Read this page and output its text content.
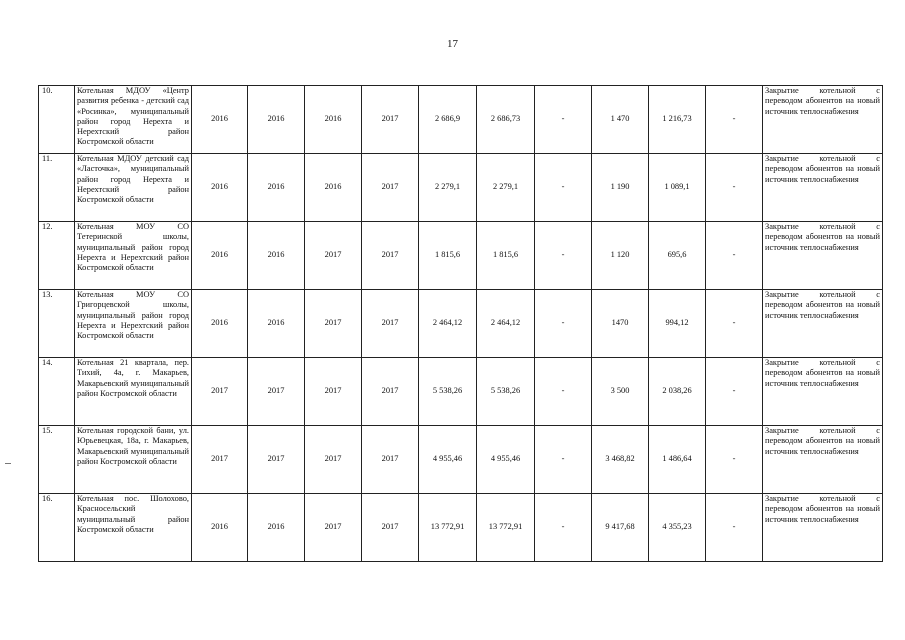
17
10.	Котельная МДОУ «Центр развития ребенка - детский сад «Росинка», муниципальный район город Нерехта и Нерехтский район Костромской области	2016	2016	2016	2017	2 686,9	2 686,73	-	1 470	1 216,73	-	Закрытие котельной с переводом абонентов на новый источник теплоснабжения
11.	Котельная МДОУ детский сад «Ласточка», муниципальный район город Нерехта и Нерехтский район Костромской области	2016	2016	2016	2017	2 279,1	2 279,1	-	1 190	1 089,1	-	Закрытие котельной с переводом абонентов на новый источник теплоснабжения
12.	Котельная МОУ СО Тетеринской школы, муниципальный район город Нерехта и Нерехтский район Костромской области	2016	2016	2017	2017	1 815,6	1 815,6	-	1 120	695,6	-	Закрытие котельной с переводом абонентов на новый источник теплоснабжения
13.	Котельная МОУ СО Григорцевской школы, муниципальный район город Нерехта и Нерехтский район Костромской области	2016	2016	2017	2017	2 464,12	2 464,12	-	1470	994,12	-	Закрытие котельной с переводом абонентов на новый источник теплоснабжения
14.	Котельная 21 квартала, пер. Тихий, 4а, г. Макарьев, Макарьевский муниципальный район Костромской области	2017	2017	2017	2017	5 538,26	5 538,26	-	3 500	2 038,26	-	Закрытие котельной с переводом абонентов на новый источник теплоснабжения
15.	Котельная городской бани, ул. Юрьевецкая, 18а, г. Макарьев, Макарьевский муниципальный район Костромской области	2017	2017	2017	2017	4 955,46	4 955,46	-	3 468,82	1 486,64	-	Закрытие котельной с переводом абонентов на новый источник теплоснабжения
16.	Котельная пос. Шолохово, Красносельский муниципальный район Костромской области	2016	2016	2017	2017	13 772,91	13 772,91	-	9 417,68	4 355,23	-	Закрытие котельной с переводом абонентов на новый источник теплоснабжения
